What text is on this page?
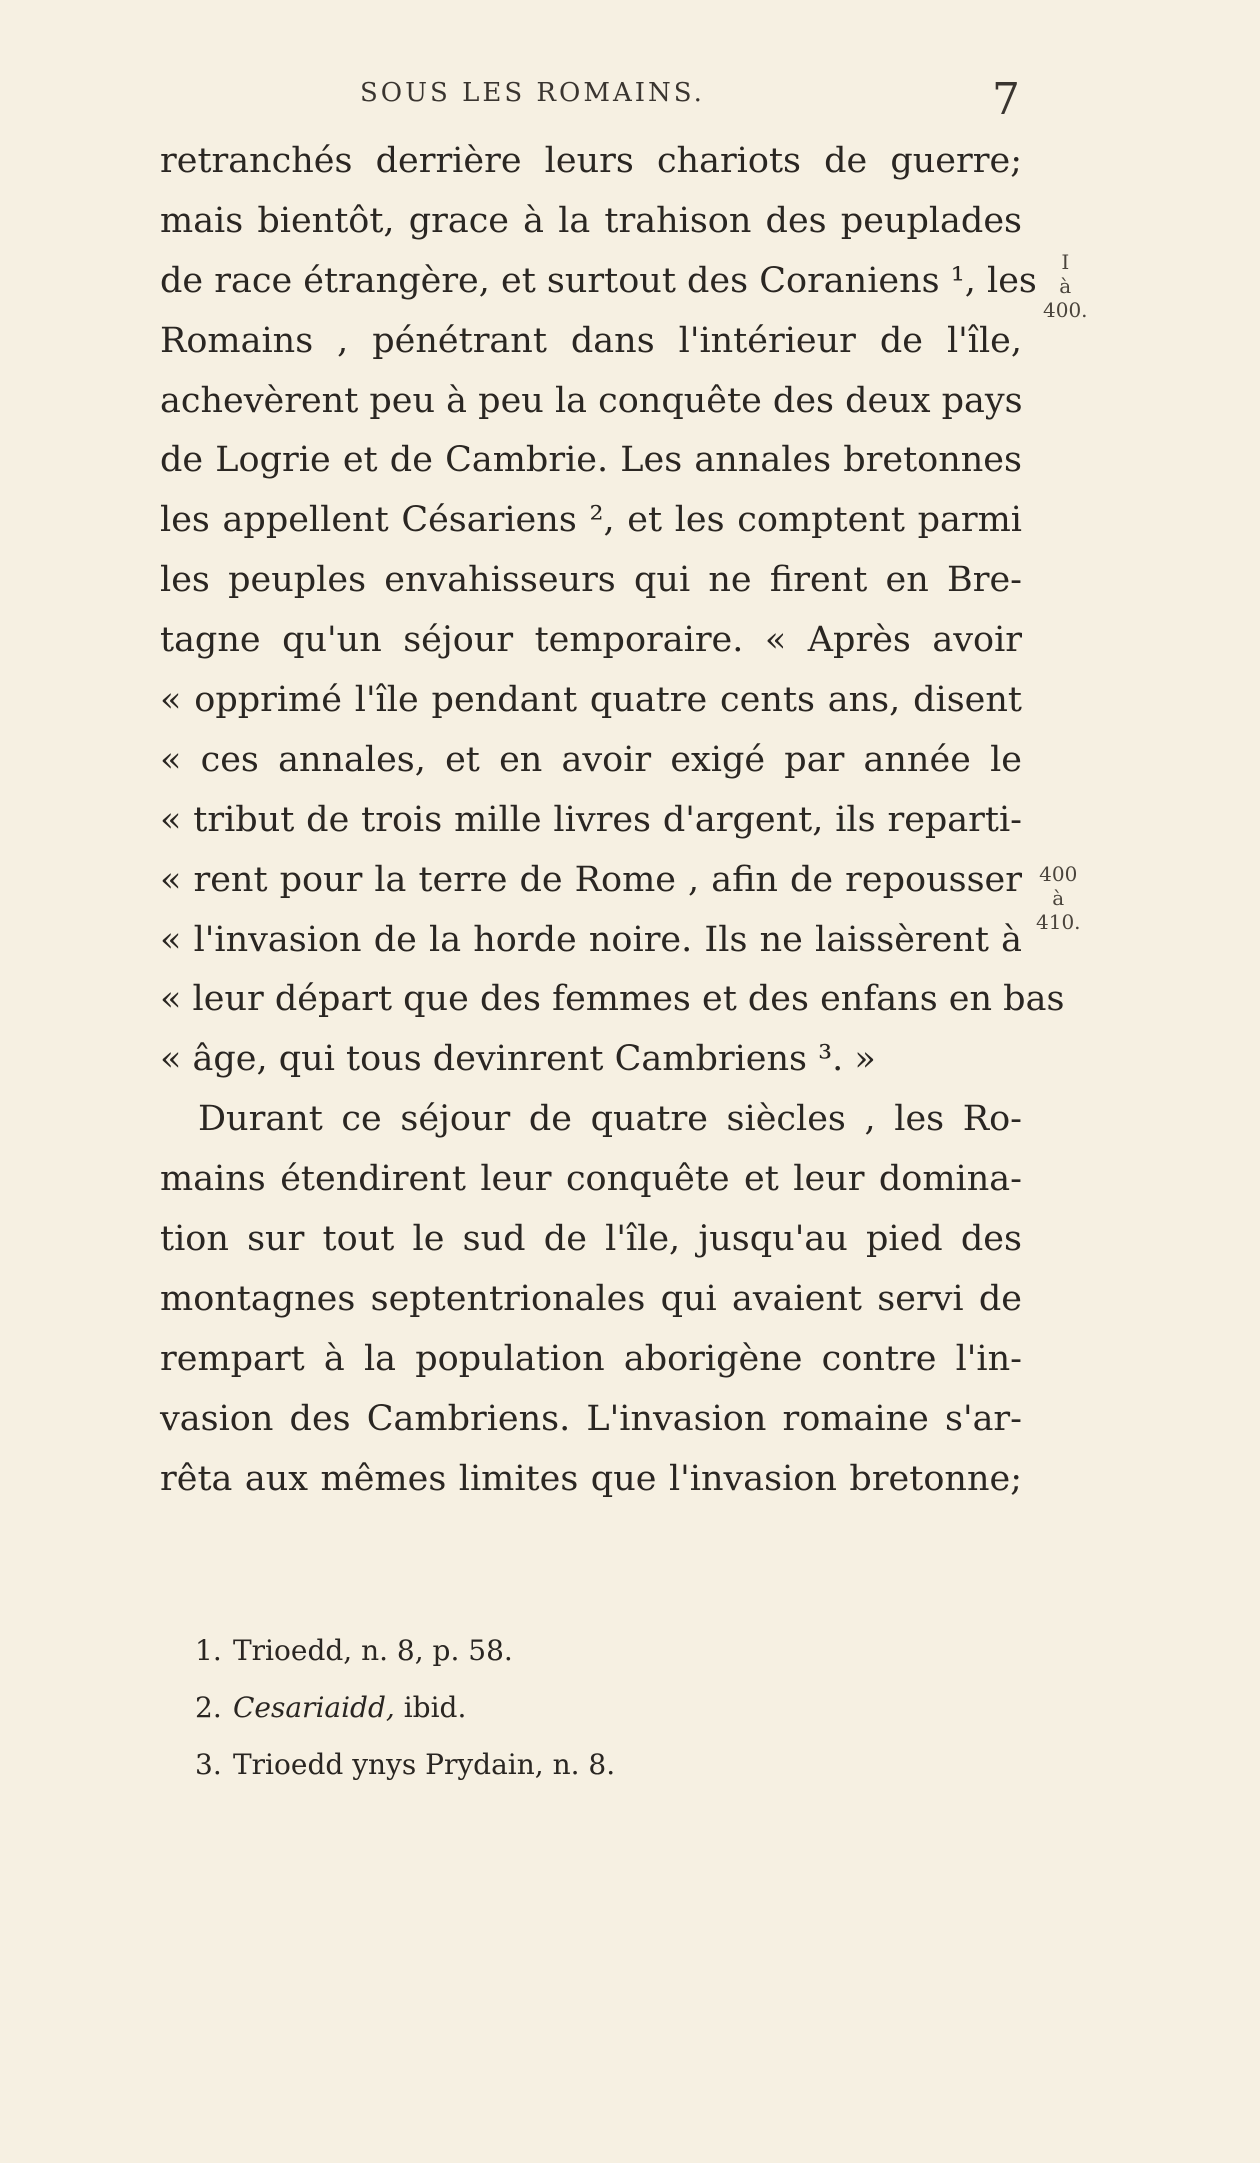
SOUS LES ROMAINS.	7
retranchés derrière leurs chariots de guerre;
mais bientôt, grace à la trahison des peuplades
de race étrangère, et surtout des Coraniens ¹, les
Romains , pénétrant dans l'intérieur de l'île,
achevèrent peu à peu la conquête des deux pays
de Logrie et de Cambrie. Les annales bretonnes
les appellent Césariens ², et les comptent parmi
les peuples envahisseurs qui ne firent en Bre-
tagne qu'un séjour temporaire. « Après avoir
« opprimé l'île pendant quatre cents ans, disent
« ces annales, et en avoir exigé par année le
« tribut de trois mille livres d'argent, ils reparti-
« rent pour la terre de Rome , afin de repousser
« l'invasion de la horde noire. Ils ne laissèrent à
« leur départ que des femmes et des enfans en bas
« âge, qui tous devinrent Cambriens ³. »
Durant ce séjour de quatre siècles , les Ro-
mains étendirent leur conquête et leur domina-
tion sur tout le sud de l'île, jusqu'au pied des
montagnes septentrionales qui avaient servi de
rempart à la population aborigène contre l'in-
vasion des Cambriens. L'invasion romaine s'ar-
rêta aux mêmes limites que l'invasion bretonne;
I
à
400.
400
à
410.
1. Trioedd, n. 8, p. 58.
2. Cesariaidd, ibid.
3. Trioedd ynys Prydain, n. 8.
